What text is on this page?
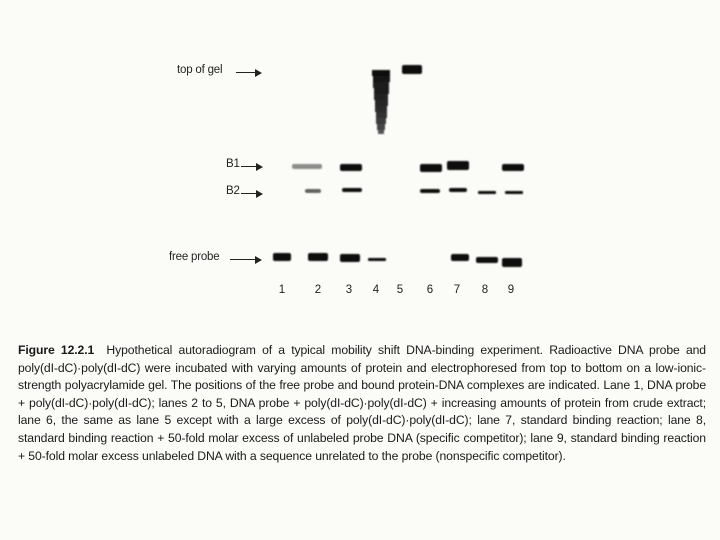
top of gel
B1
B2
free probe
1	2	3	4	5	6	7	8	9
Figure 12.2.1 Hypothetical autoradiogram of a typical mobility shift DNA-binding experiment. Radioactive DNA probe and poly(dI-dC)·poly(dI-dC) were incubated with varying amounts of protein and electrophoresed from top to bottom on a low-ionic-strength polyacrylamide gel. The positions of the free probe and bound protein-DNA complexes are indicated. Lane 1, DNA probe + poly(dI-dC)·poly(dI-dC); lanes 2 to 5, DNA probe + poly(dI-dC)·poly(dI-dC) + increasing amounts of protein from crude extract; lane 6, the same as lane 5 except with a large excess of poly(dI-dC)·poly(dI-dC); lane 7, standard binding reaction; lane 8, standard binding reaction + 50-fold molar excess of unlabeled probe DNA (specific competitor); lane 9, standard binding reaction + 50-fold molar excess unlabeled DNA with a sequence unrelated to the probe (nonspecific competitor).
